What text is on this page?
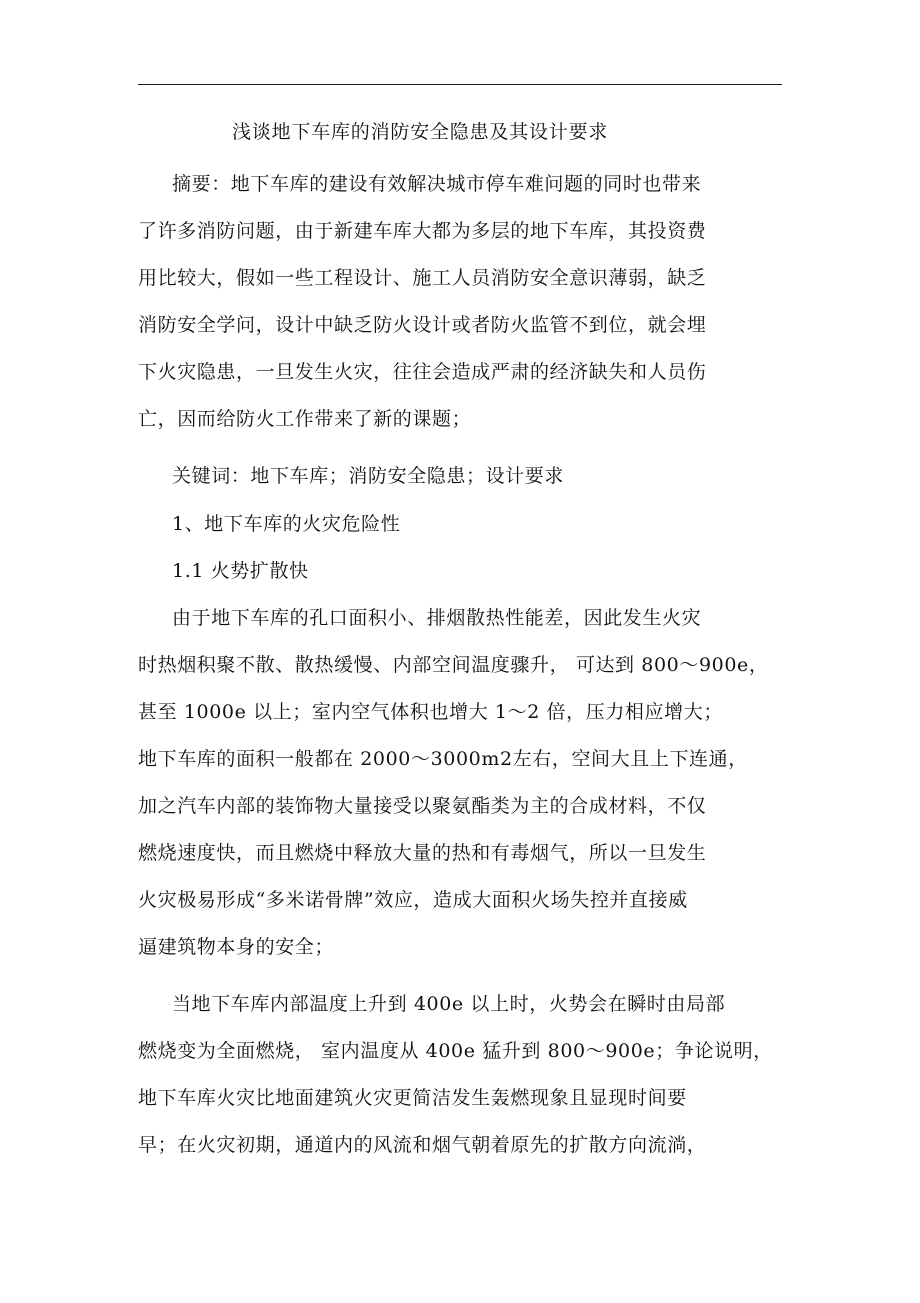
浅谈地下车库的消防安全隐患及其设计要求
摘要：地下车库的建设有效解决城市停车难问题的同时也带来
了许多消防问题，由于新建车库大都为多层的地下车库，其投资费
用比较大，假如一些工程设计、施工人员消防安全意识薄弱，缺乏
消防安全学问，设计中缺乏防火设计或者防火监管不到位，就会埋
下火灾隐患，一旦发生火灾，往往会造成严肃的经济缺失和人员伤
亡，因而给防火工作带来了新的课题；
关键词：地下车库；消防安全隐患；设计要求
1、地下车库的火灾危险性
1.1 火势扩散快
由于地下车库的孔口面积小、排烟散热性能差，因此发生火灾
时热烟积聚不散、散热缓慢、内部空间温度骤升， 可达到 800～900e，
甚至 1000e 以上；室内空气体积也增大 1～2 倍，压力相应增大；
地下车库的面积一般都在 2000～3000m2左右，空间大且上下连通，
加之汽车内部的装饰物大量接受以聚氨酯类为主的合成材料，不仅
燃烧速度快，而且燃烧中释放大量的热和有毒烟气，所以一旦发生
火灾极易形成“多米诺骨牌”效应，造成大面积火场失控并直接威
逼建筑物本身的安全；
当地下车库内部温度上升到 400e 以上时，火势会在瞬时由局部
燃烧变为全面燃烧， 室内温度从 400e 猛升到 800～900e；争论说明，
地下车库火灾比地面建筑火灾更简洁发生轰燃现象且显现时间要
早；在火灾初期，通道内的风流和烟气朝着原先的扩散方向流淌，
